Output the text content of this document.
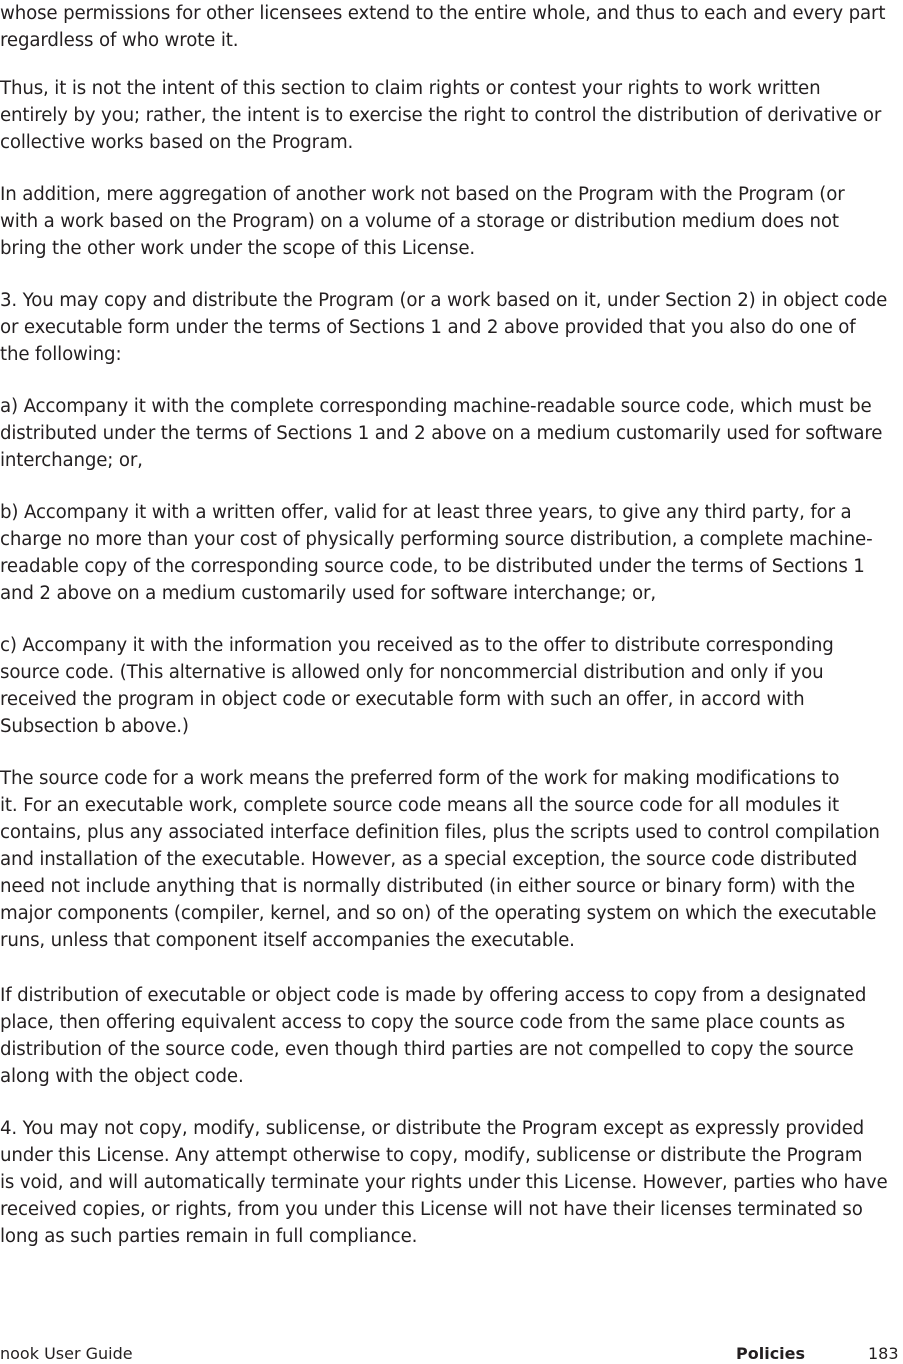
whose permissions for other licensees extend to the entire whole, and thus to each and every part
regardless of who wrote it.

Thus, it is not the intent of this section to claim rights or contest your rights to work written
entirely by you; rather, the intent is to exercise the right to control the distribution of derivative or
collective works based on the Program.

In addition, mere aggregation of another work not based on the Program with the Program (or
with a work based on the Program) on a volume of a storage or distribution medium does not
bring the other work under the scope of this License.

3. You may copy and distribute the Program (or a work based on it, under Section 2) in object code
or executable form under the terms of Sections 1 and 2 above provided that you also do one of
the following:

a) Accompany it with the complete corresponding machine-readable source code, which must be
distributed under the terms of Sections 1 and 2 above on a medium customarily used for software
interchange; or,

b) Accompany it with a written offer, valid for at least three years, to give any third party, for a
charge no more than your cost of physically performing source distribution, a complete machine-
readable copy of the corresponding source code, to be distributed under the terms of Sections 1
and 2 above on a medium customarily used for software interchange; or,

c) Accompany it with the information you received as to the offer to distribute corresponding
source code. (This alternative is allowed only for noncommercial distribution and only if you
received the program in object code or executable form with such an offer, in accord with
Subsection b above.)

The source code for a work means the preferred form of the work for making modifications to
it. For an executable work, complete source code means all the source code for all modules it
contains, plus any associated interface definition files, plus the scripts used to control compilation
and installation of the executable. However, as a special exception, the source code distributed
need not include anything that is normally distributed (in either source or binary form) with the
major components (compiler, kernel, and so on) of the operating system on which the executable
runs, unless that component itself accompanies the executable.

If distribution of executable or object code is made by offering access to copy from a designated
place, then offering equivalent access to copy the source code from the same place counts as
distribution of the source code, even though third parties are not compelled to copy the source
along with the object code.

4. You may not copy, modify, sublicense, or distribute the Program except as expressly provided
under this License. Any attempt otherwise to copy, modify, sublicense or distribute the Program
is void, and will automatically terminate your rights under this License. However, parties who have
received copies, or rights, from you under this License will not have their licenses terminated so
long as such parties remain in full compliance.

nook User Guide	Policies	183
